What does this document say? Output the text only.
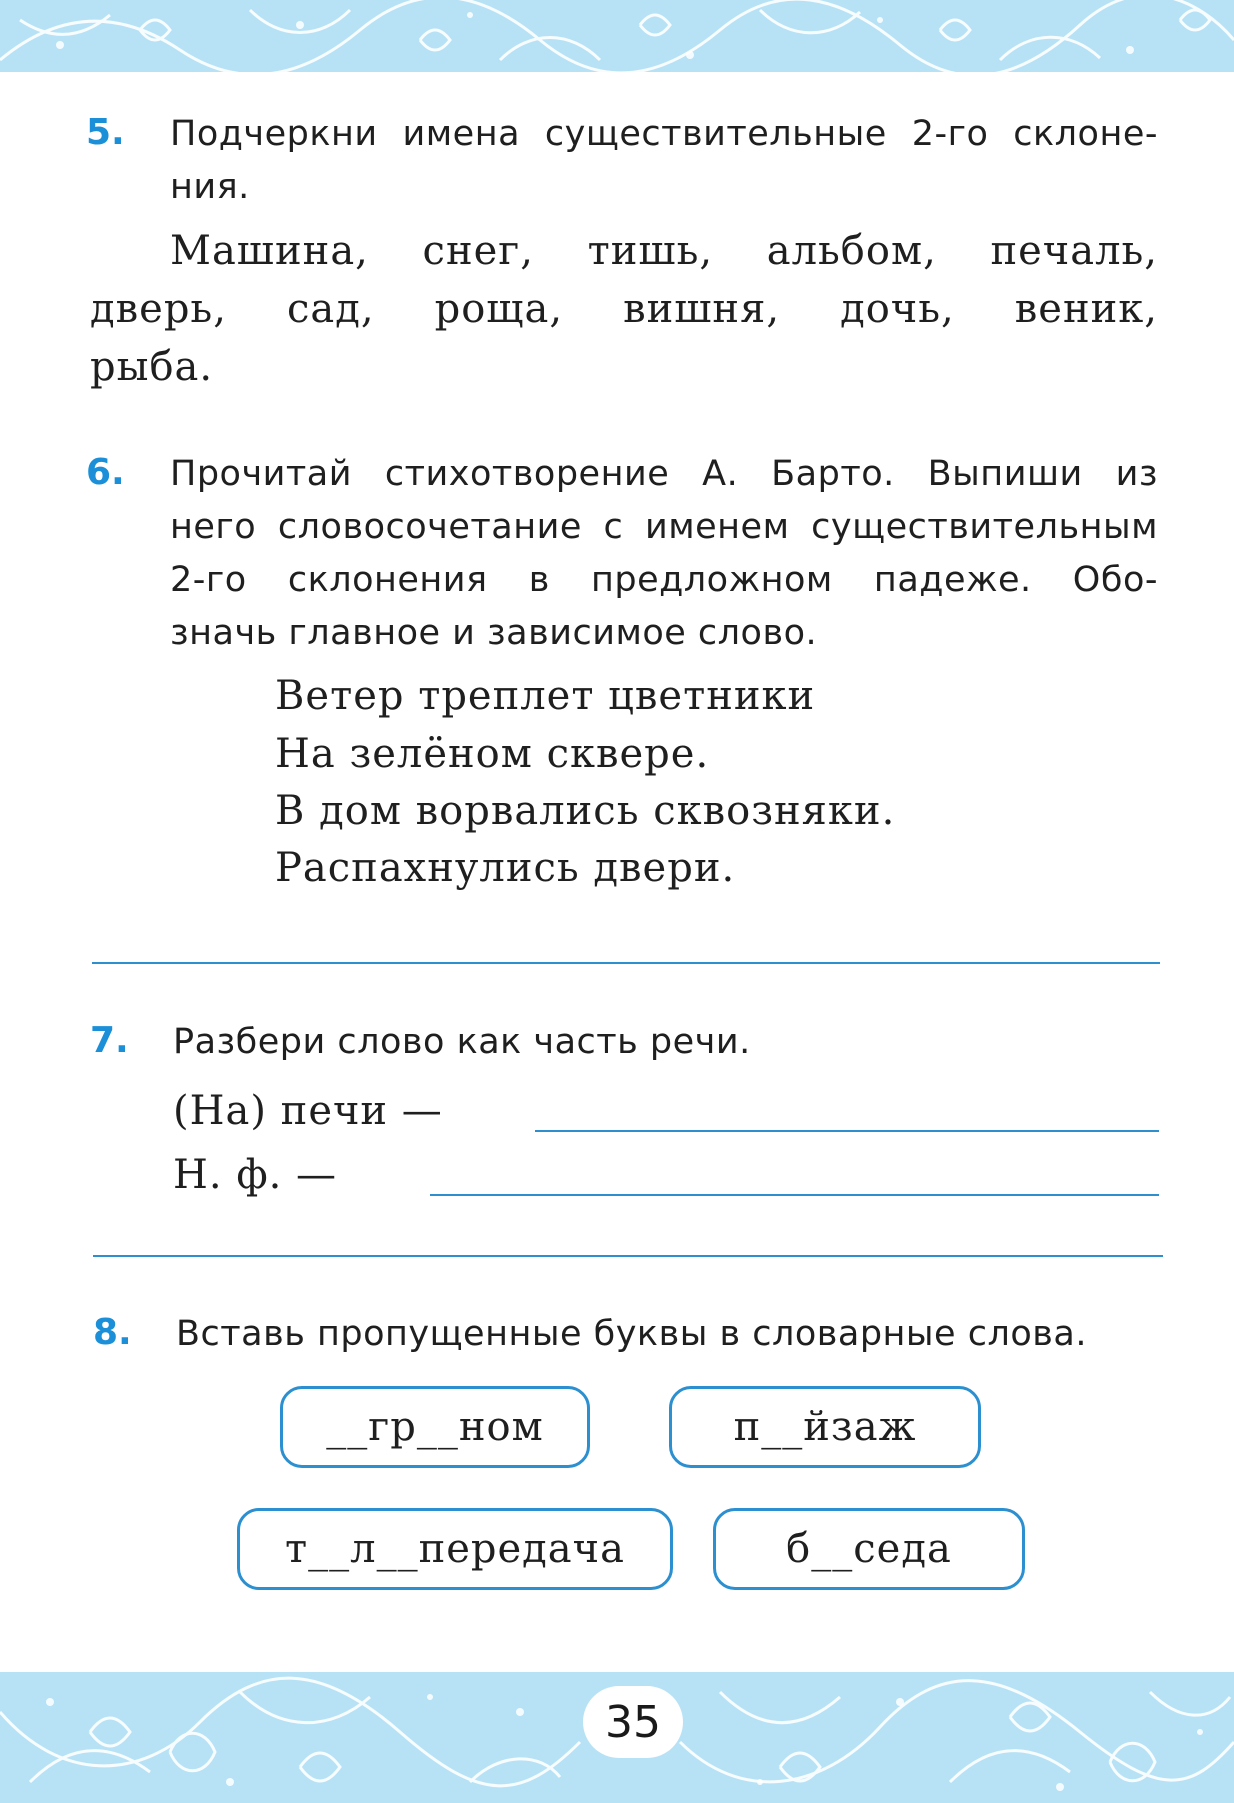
5. Подчеркни имена существительные 2-го склоне-
ния.
Машина, снег, тишь, альбом, печаль,
дверь, сад, роща, вишня, дочь, веник,
рыба.
6. Прочитай стихотворение А. Барто. Выпиши из
него словосочетание с именем существительным
2-го склонения в предложном падеже. Обо-
значь главное и зависимое слово.
Ветер треплет цветники
На зелёном сквере.
В дом ворвались сквозняки.
Распахнулись двери.
7. Разбери слово как часть речи.
(На) печи —
Н. ф. —
8. Вставь пропущенные буквы в словарные слова.
__гр__ном	п__йзаж
т__л__передача	б__седа
35
